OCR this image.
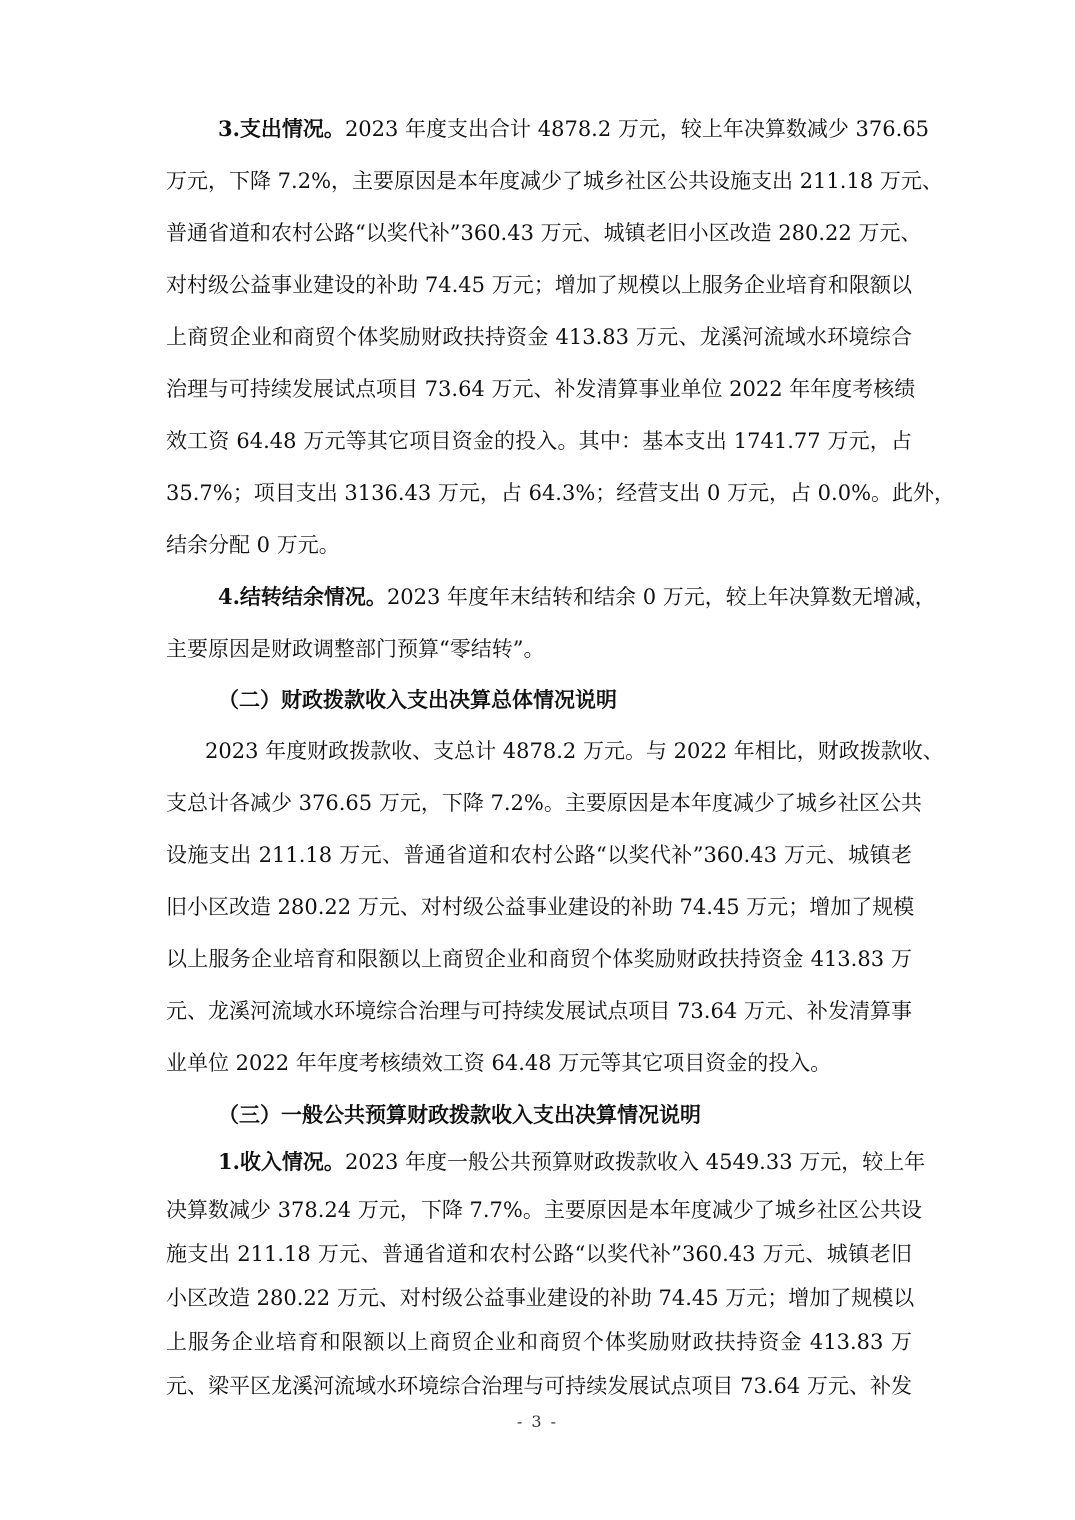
3.支出情况。2023 年度支出合计 4878.2 万元，较上年决算数减少 376.65
万元，下降 7.2%，主要原因是本年度减少了城乡社区公共设施支出 211.18 万元、
普通省道和农村公路“以奖代补”360.43 万元、城镇老旧小区改造 280.22 万元、
对村级公益事业建设的补助 74.45 万元；增加了规模以上服务企业培育和限额以
上商贸企业和商贸个体奖励财政扶持资金 413.83 万元、龙溪河流域水环境综合
治理与可持续发展试点项目 73.64 万元、补发清算事业单位 2022 年年度考核绩
效工资 64.48 万元等其它项目资金的投入。其中：基本支出 1741.77 万元，占
35.7%；项目支出 3136.43 万元，占 64.3%；经营支出 0 万元，占 0.0%。此外，
结余分配 0 万元。
4.结转结余情况。2023 年度年末结转和结余 0 万元，较上年决算数无增减，
主要原因是财政调整部门预算“零结转”。
（二）财政拨款收入支出决算总体情况说明
2023 年度财政拨款收、支总计 4878.2 万元。与 2022 年相比，财政拨款收、
支总计各减少 376.65 万元，下降 7.2%。主要原因是本年度减少了城乡社区公共
设施支出 211.18 万元、普通省道和农村公路“以奖代补”360.43 万元、城镇老
旧小区改造 280.22 万元、对村级公益事业建设的补助 74.45 万元；增加了规模
以上服务企业培育和限额以上商贸企业和商贸个体奖励财政扶持资金 413.83 万
元、龙溪河流域水环境综合治理与可持续发展试点项目 73.64 万元、补发清算事
业单位 2022 年年度考核绩效工资 64.48 万元等其它项目资金的投入。
（三）一般公共预算财政拨款收入支出决算情况说明
1.收入情况。2023 年度一般公共预算财政拨款收入 4549.33 万元，较上年
决算数减少 378.24 万元，下降 7.7%。主要原因是本年度减少了城乡社区公共设
施支出 211.18 万元、普通省道和农村公路“以奖代补”360.43 万元、城镇老旧
小区改造 280.22 万元、对村级公益事业建设的补助 74.45 万元；增加了规模以
上服务企业培育和限额以上商贸企业和商贸个体奖励财政扶持资金 413.83 万
元、梁平区龙溪河流域水环境综合治理与可持续发展试点项目 73.64 万元、补发
- 3 -
